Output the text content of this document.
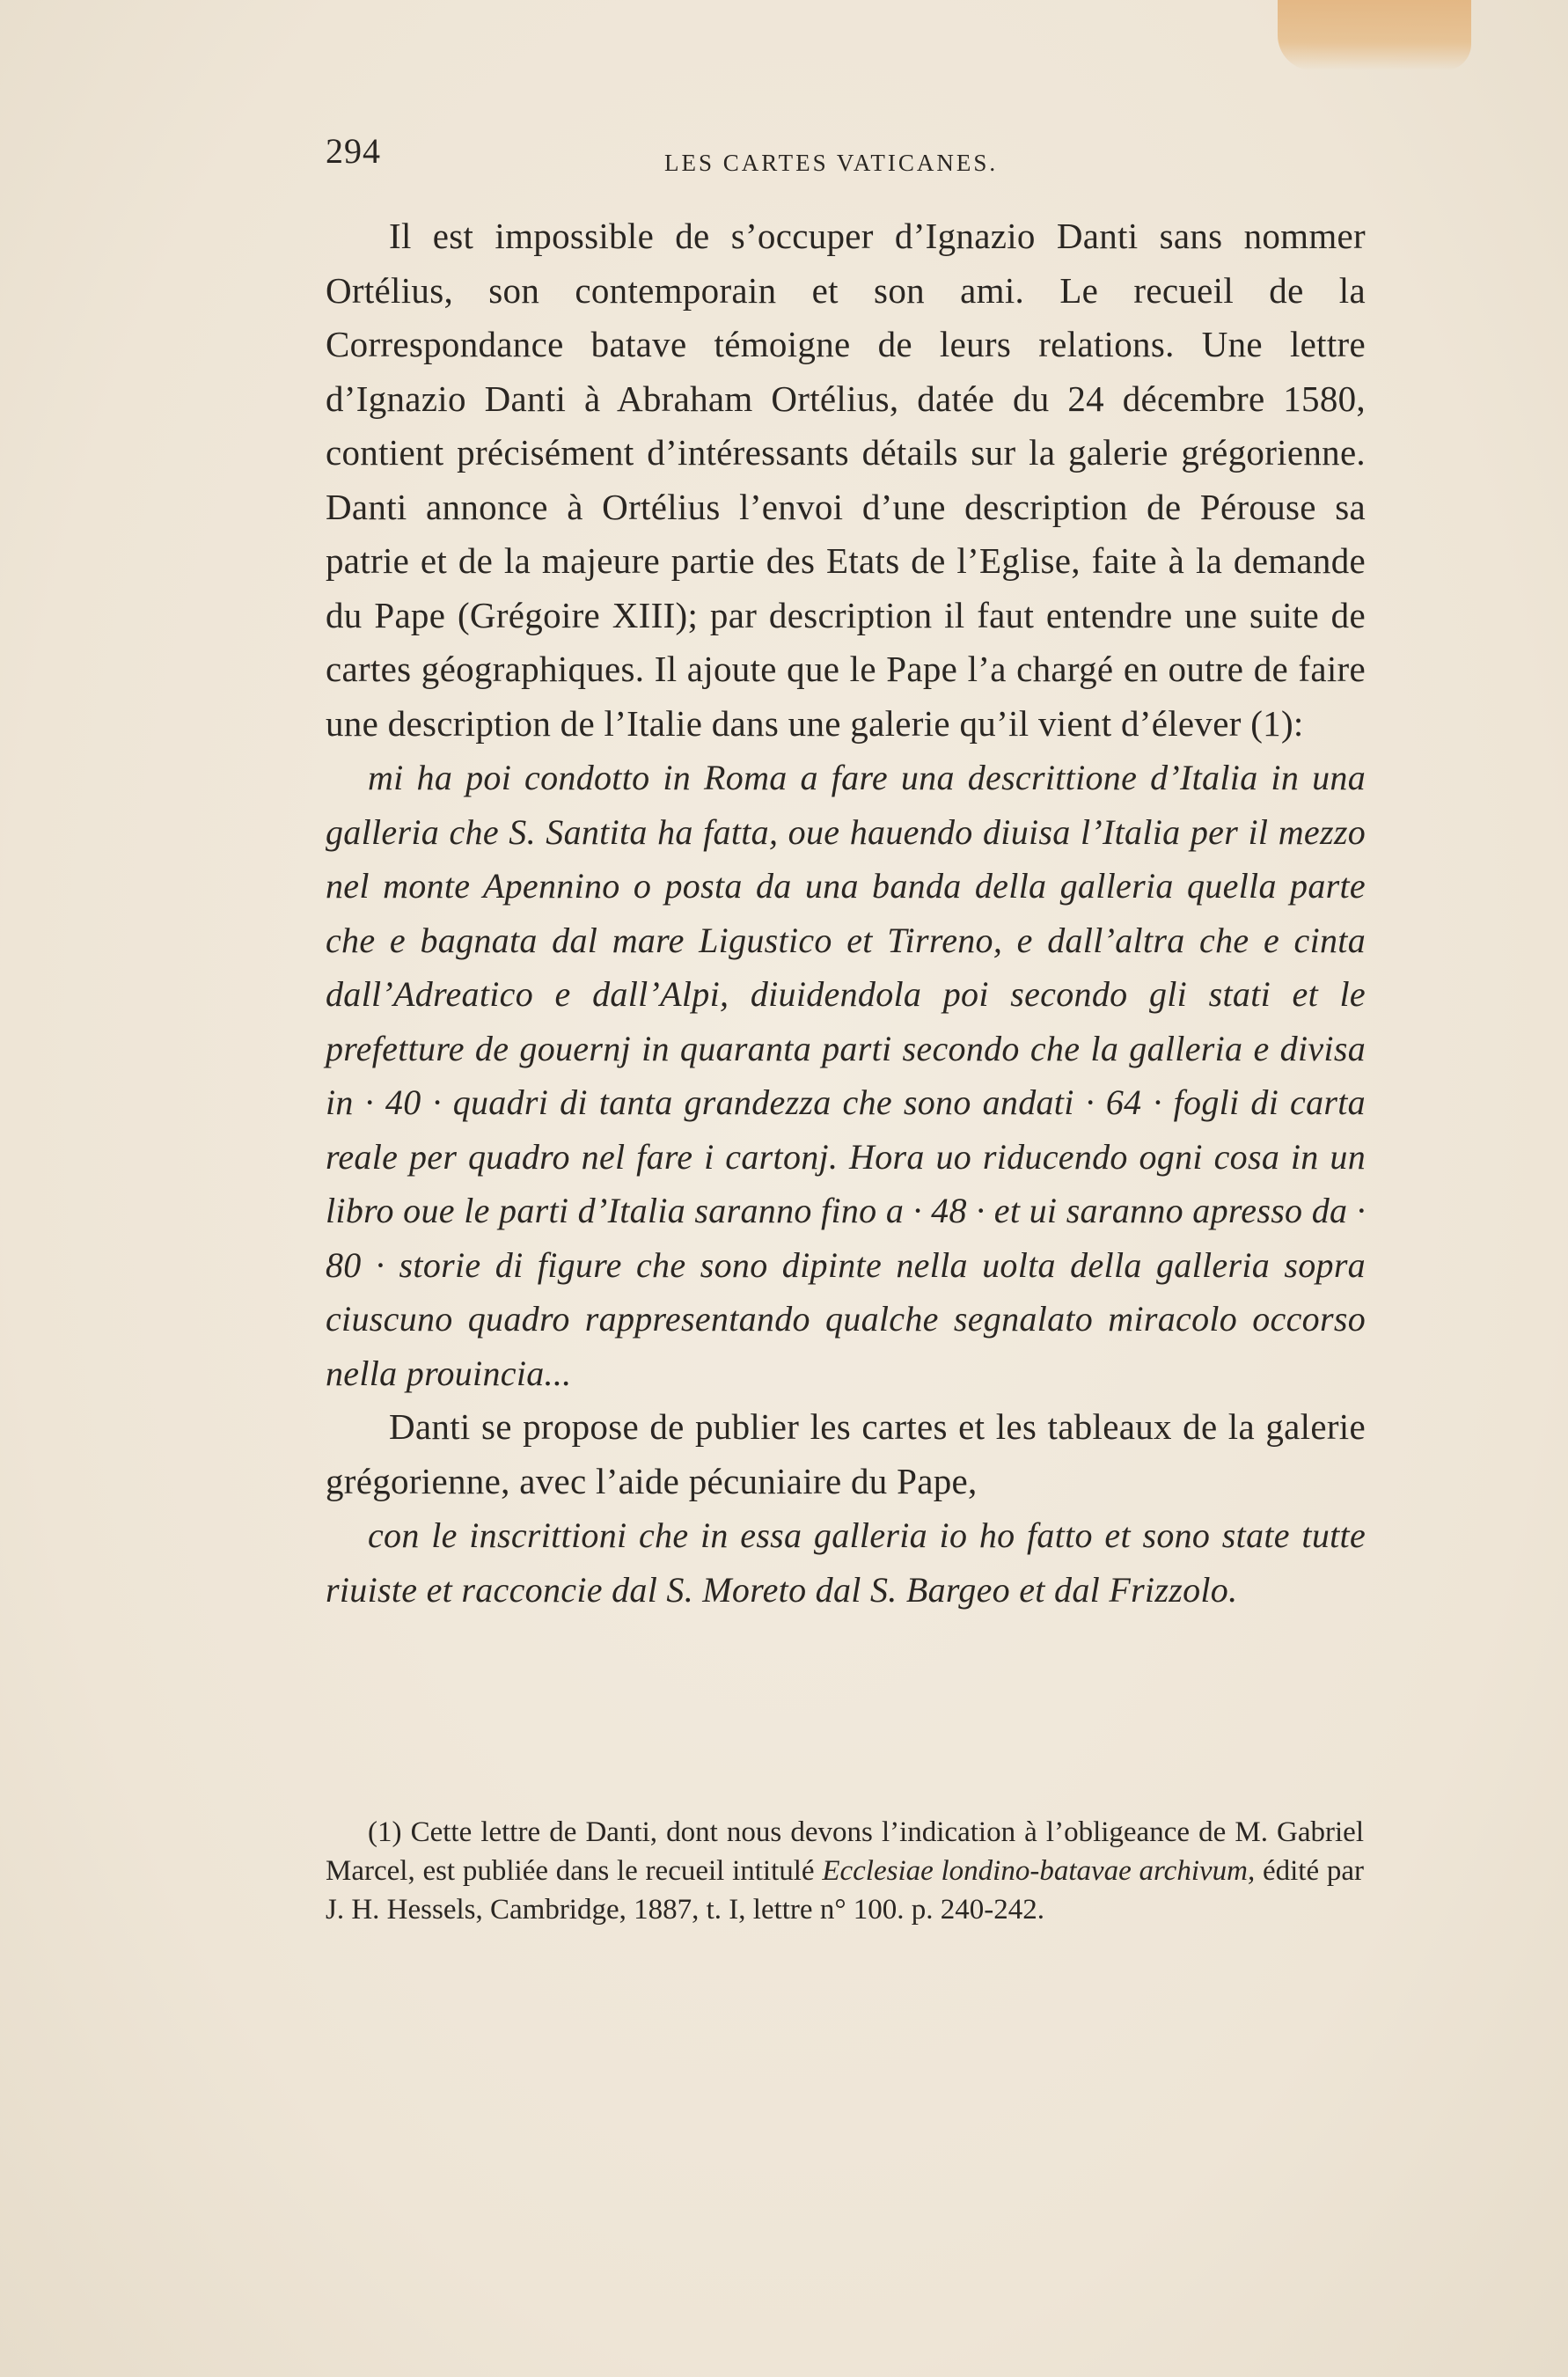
294	LES CARTES VATICANES.

Il est impossible de s’occuper d’Ignazio Danti sans nommer Ortélius, son contemporain et son ami. Le recueil de la Correspondance batave témoigne de leurs relations. Une lettre d’Ignazio Danti à Abraham Ortélius, datée du 24 décembre 1580, contient précisément d’intéressants détails sur la galerie grégorienne. Danti annonce à Ortélius l’envoi d’une description de Pérouse sa patrie et de la majeure partie des Etats de l’Eglise, faite à la demande du Pape (Grégoire XIII); par description il faut entendre une suite de cartes géographiques. Il ajoute que le Pape l’a chargé en outre de faire une description de l’Italie dans une galerie qu’il vient d’élever (1):

mi ha poi condotto in Roma a fare una descrittione d’Italia in una galleria che S. Santita ha fatta, oue hauendo diuisa l’Italia per il mezzo nel monte Apennino o posta da una banda della galleria quella parte che e bagnata dal mare Ligustico et Tirreno, e dall’altra che e cinta dall’Adreatico e dall’Alpi, diuidendola poi secondo gli stati et le prefetture de gouernj in quaranta parti secondo che la galleria e divisa in · 40 · quadri di tanta grandezza che sono andati · 64 · fogli di carta reale per quadro nel fare i cartonj. Hora uo riducendo ogni cosa in un libro oue le parti d’Italia saranno fino a · 48 · et ui saranno apresso da · 80 · storie di figure che sono dipinte nella uolta della galleria sopra ciuscuno quadro rappresentando qualche segnalato miracolo occorso nella prouincia...

Danti se propose de publier les cartes et les tableaux de la galerie grégorienne, avec l’aide pécuniaire du Pape,

con le inscrittioni che in essa galleria io ho fatto et sono state tutte riuiste et racconcie dal S. Moreto dal S. Bargeo et dal Frizzolo.

(1) Cette lettre de Danti, dont nous devons l’indication à l’obligeance de M. Gabriel Marcel, est publiée dans le recueil intitulé Ecclesiae londino-batavae archivum, édité par J. H. Hessels, Cambridge, 1887, t. I, lettre n° 100. p. 240-242.
